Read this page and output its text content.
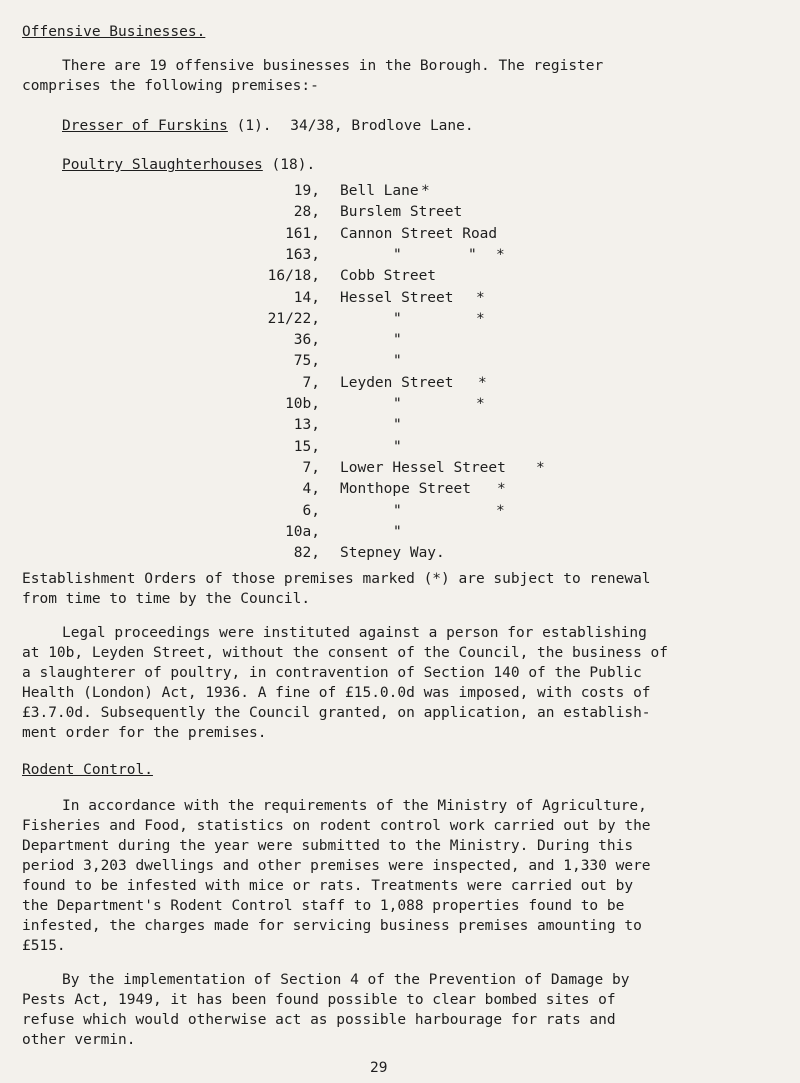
Offensive Businesses.
There are 19 offensive businesses in the Borough. The register
comprises the following premises:-
Dresser of Furskins (1). 34/38, Brodlove Lane.
Poultry Slaughterhouses (18).
19, Bell Lane *
28, Burslem Street
161, Cannon Street Road
163,	"	" *
16/18, Cobb Street
14, Hessel Street *
21/22,	"	*
36,	"
75,	"
7, Leyden Street *
10b,	"	*
13,	"
15,	"
7, Lower Hessel Street *
4, Monthope Street *
6,	"	*
10a,	"
82, Stepney Way.
Establishment Orders of those premises marked (*) are subject to renewal
from time to time by the Council.
Legal proceedings were instituted against a person for establishing
at 10b, Leyden Street, without the consent of the Council, the business of
a slaughterer of poultry, in contravention of Section 140 of the Public
Health (London) Act, 1936. A fine of £15.0.0d was imposed, with costs of
£3.7.0d. Subsequently the Council granted, on application, an establish-
ment order for the premises.
Rodent Control.
In accordance with the requirements of the Ministry of Agriculture,
Fisheries and Food, statistics on rodent control work carried out by the
Department during the year were submitted to the Ministry. During this
period 3,203 dwellings and other premises were inspected, and 1,330 were
found to be infested with mice or rats. Treatments were carried out by
the Department's Rodent Control staff to 1,088 properties found to be
infested, the charges made for servicing business premises amounting to
£515.
By the implementation of Section 4 of the Prevention of Damage by
Pests Act, 1949, it has been found possible to clear bombed sites of
refuse which would otherwise act as possible harbourage for rats and
other vermin.
29
